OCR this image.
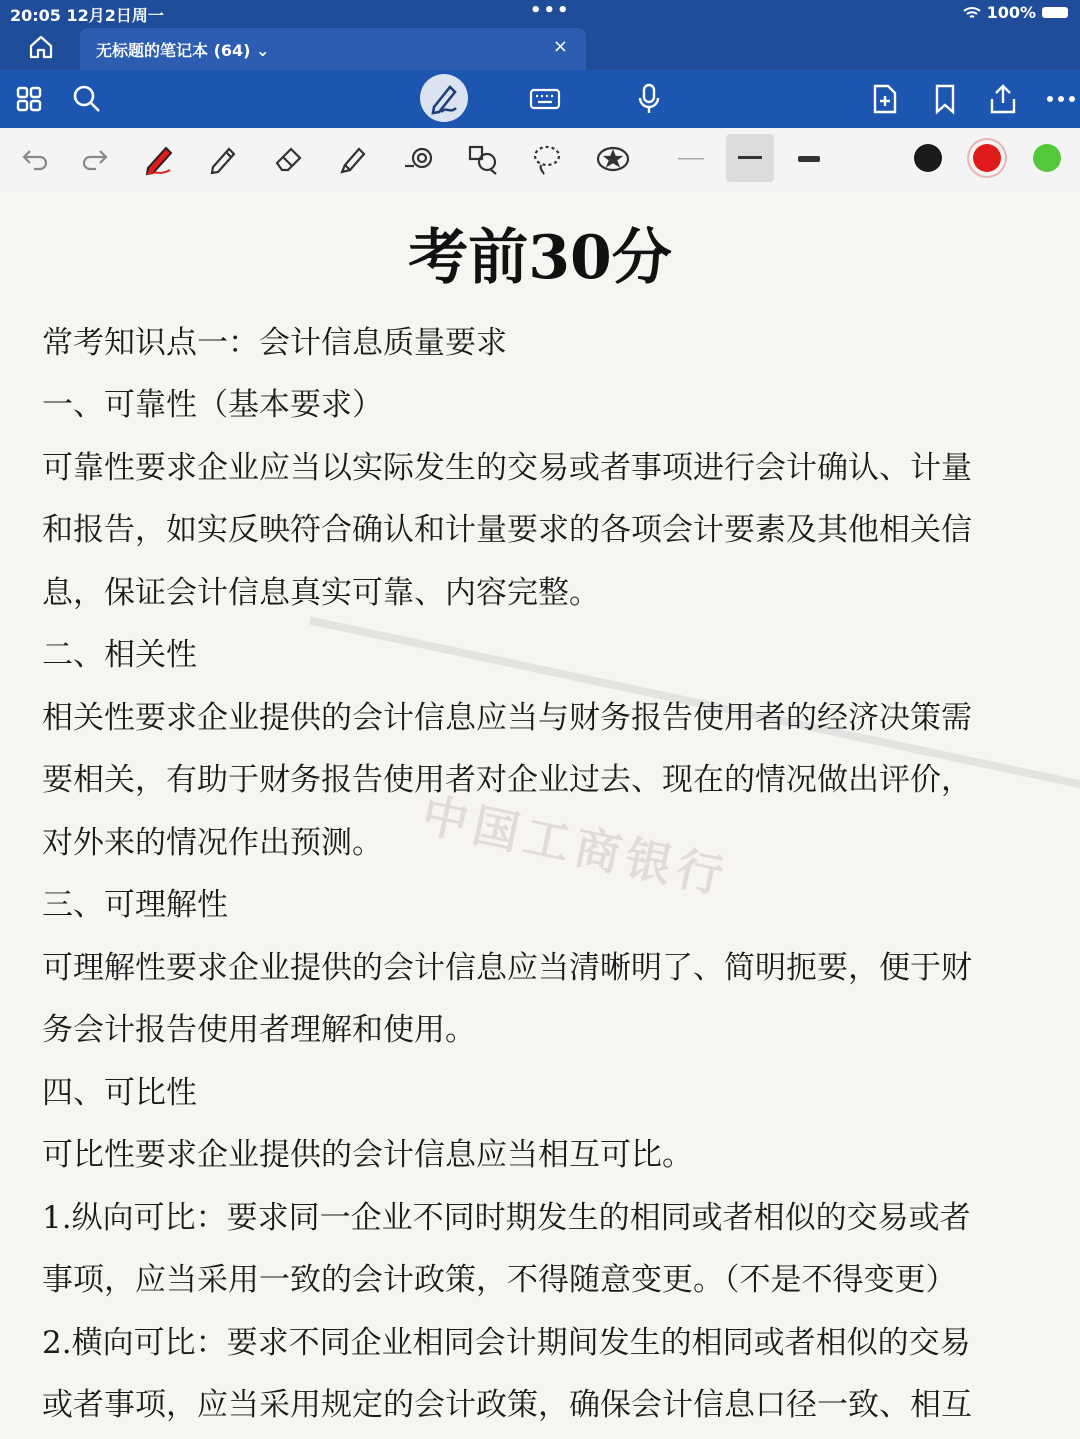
20:05 12月2日周一	•••	100%
无标题的笔记本 (64) ⌄	×
中国工商银行
考前30分
常考知识点一：会计信息质量要求
一、可靠性（基本要求）
可靠性要求企业应当以实际发生的交易或者事项进行会计确认、计量
和报告，如实反映符合确认和计量要求的各项会计要素及其他相关信
息，保证会计信息真实可靠、内容完整。
二、相关性
相关性要求企业提供的会计信息应当与财务报告使用者的经济决策需
要相关，有助于财务报告使用者对企业过去、现在的情况做出评价，
对外来的情况作出预测。
三、可理解性
可理解性要求企业提供的会计信息应当清晰明了、简明扼要，便于财
务会计报告使用者理解和使用。
四、可比性
可比性要求企业提供的会计信息应当相互可比。
1.纵向可比：要求同一企业不同时期发生的相同或者相似的交易或者
事项，应当采用一致的会计政策，不得随意变更。（不是不得变更）
2.横向可比：要求不同企业相同会计期间发生的相同或者相似的交易
或者事项，应当采用规定的会计政策，确保会计信息口径一致、相互
